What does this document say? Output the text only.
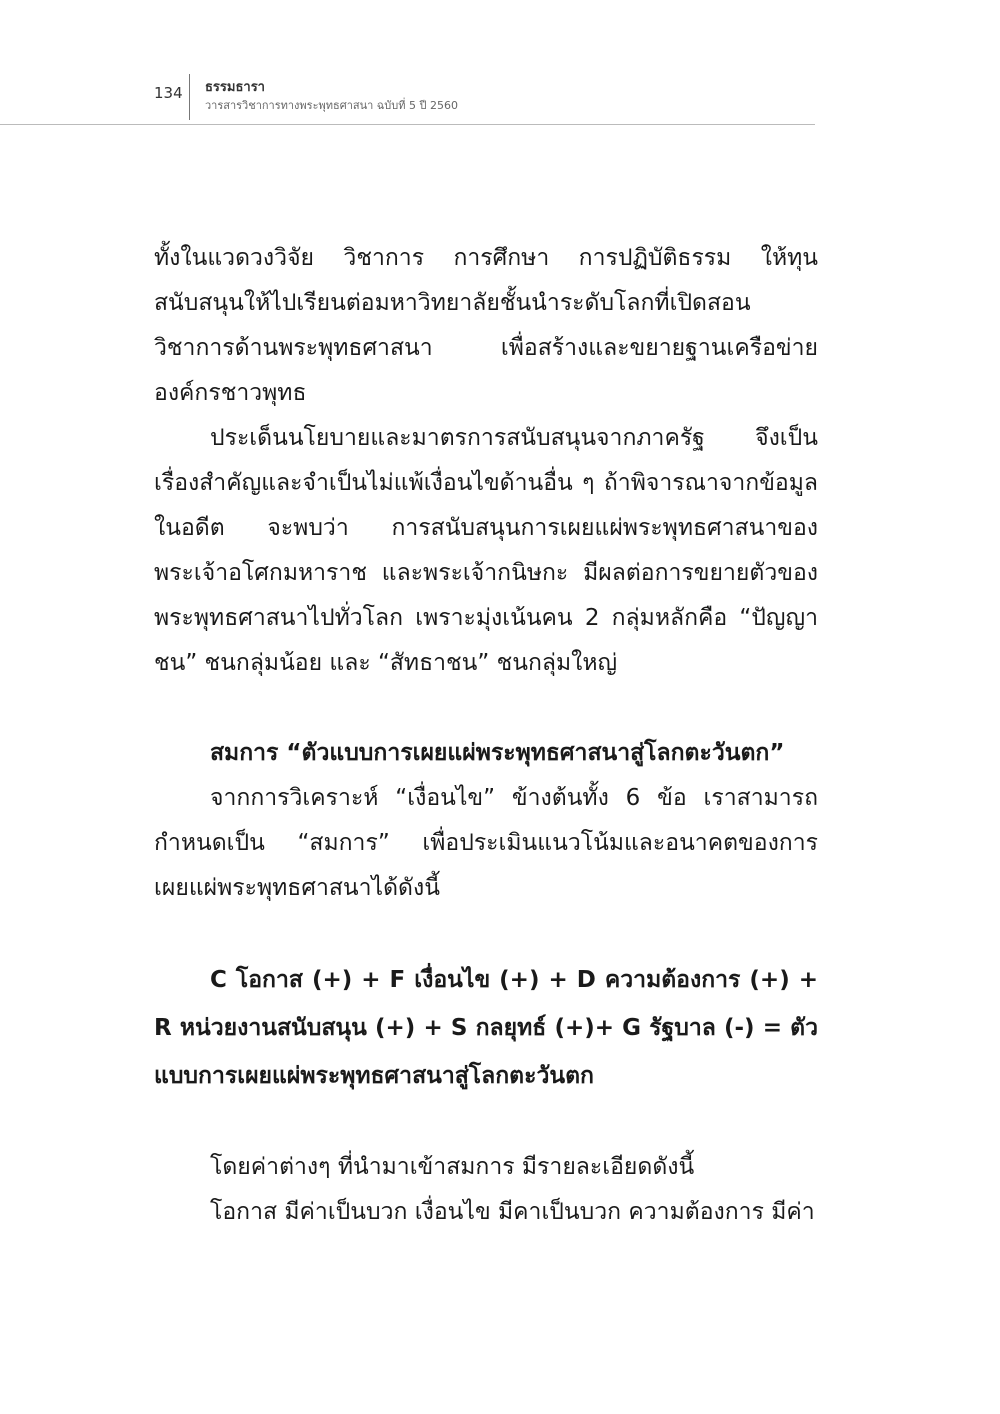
134 ธรรมธารา
วารสารวิชาการทางพระพุทธศาสนา ฉบับที่ 5 ปี 2560

ทั้งในแวดวงวิจัย วิชาการ การศึกษา การปฏิบัติธรรม ให้ทุนสนับสนุนให้ไปเรียนต่อมหาวิทยาลัยชั้นนำระดับโลกที่เปิดสอนวิชาการด้านพระพุทธศาสนา เพื่อสร้างและขยายฐานเครือข่ายองค์กรชาวพุทธ

ประเด็นนโยบายและมาตรการสนับสนุนจากภาครัฐ จึงเป็นเรื่องสำคัญและจำเป็นไม่แพ้เงื่อนไขด้านอื่น ๆ ถ้าพิจารณาจากข้อมูลในอดีต จะพบว่า การสนับสนุนการเผยแผ่พระพุทธศาสนาของพระเจ้าอโศกมหาราช และพระเจ้ากนิษกะ มีผลต่อการขยายตัวของพระพุทธศาสนาไปทั่วโลก เพราะมุ่งเน้นคน 2 กลุ่มหลักคือ “ปัญญาชน” ชนกลุ่มน้อย และ “สัทธาชน” ชนกลุ่มใหญ่

สมการ “ตัวแบบการเผยแผ่พระพุทธศาสนาสู่โลกตะวันตก”

จากการวิเคราะห์ “เงื่อนไข” ข้างต้นทั้ง 6 ข้อ เราสามารถกำหนดเป็น “สมการ” เพื่อประเมินแนวโน้มและอนาคตของการเผยแผ่พระพุทธศาสนาได้ดังนี้

C โอกาส (+) + F เงื่อนไข (+) + D ความต้องการ (+) + R หน่วยงานสนับสนุน (+) + S กลยุทธ์ (+)+ G รัฐบาล (-) = ตัวแบบการเผยแผ่พระพุทธศาสนาสู่โลกตะวันตก

โดยค่าต่างๆ ที่นำมาเข้าสมการ มีรายละเอียดดังนี้

โอกาส มีค่าเป็นบวก เงื่อนไข มีคาเป็นบวก ความต้องการ มีค่า
